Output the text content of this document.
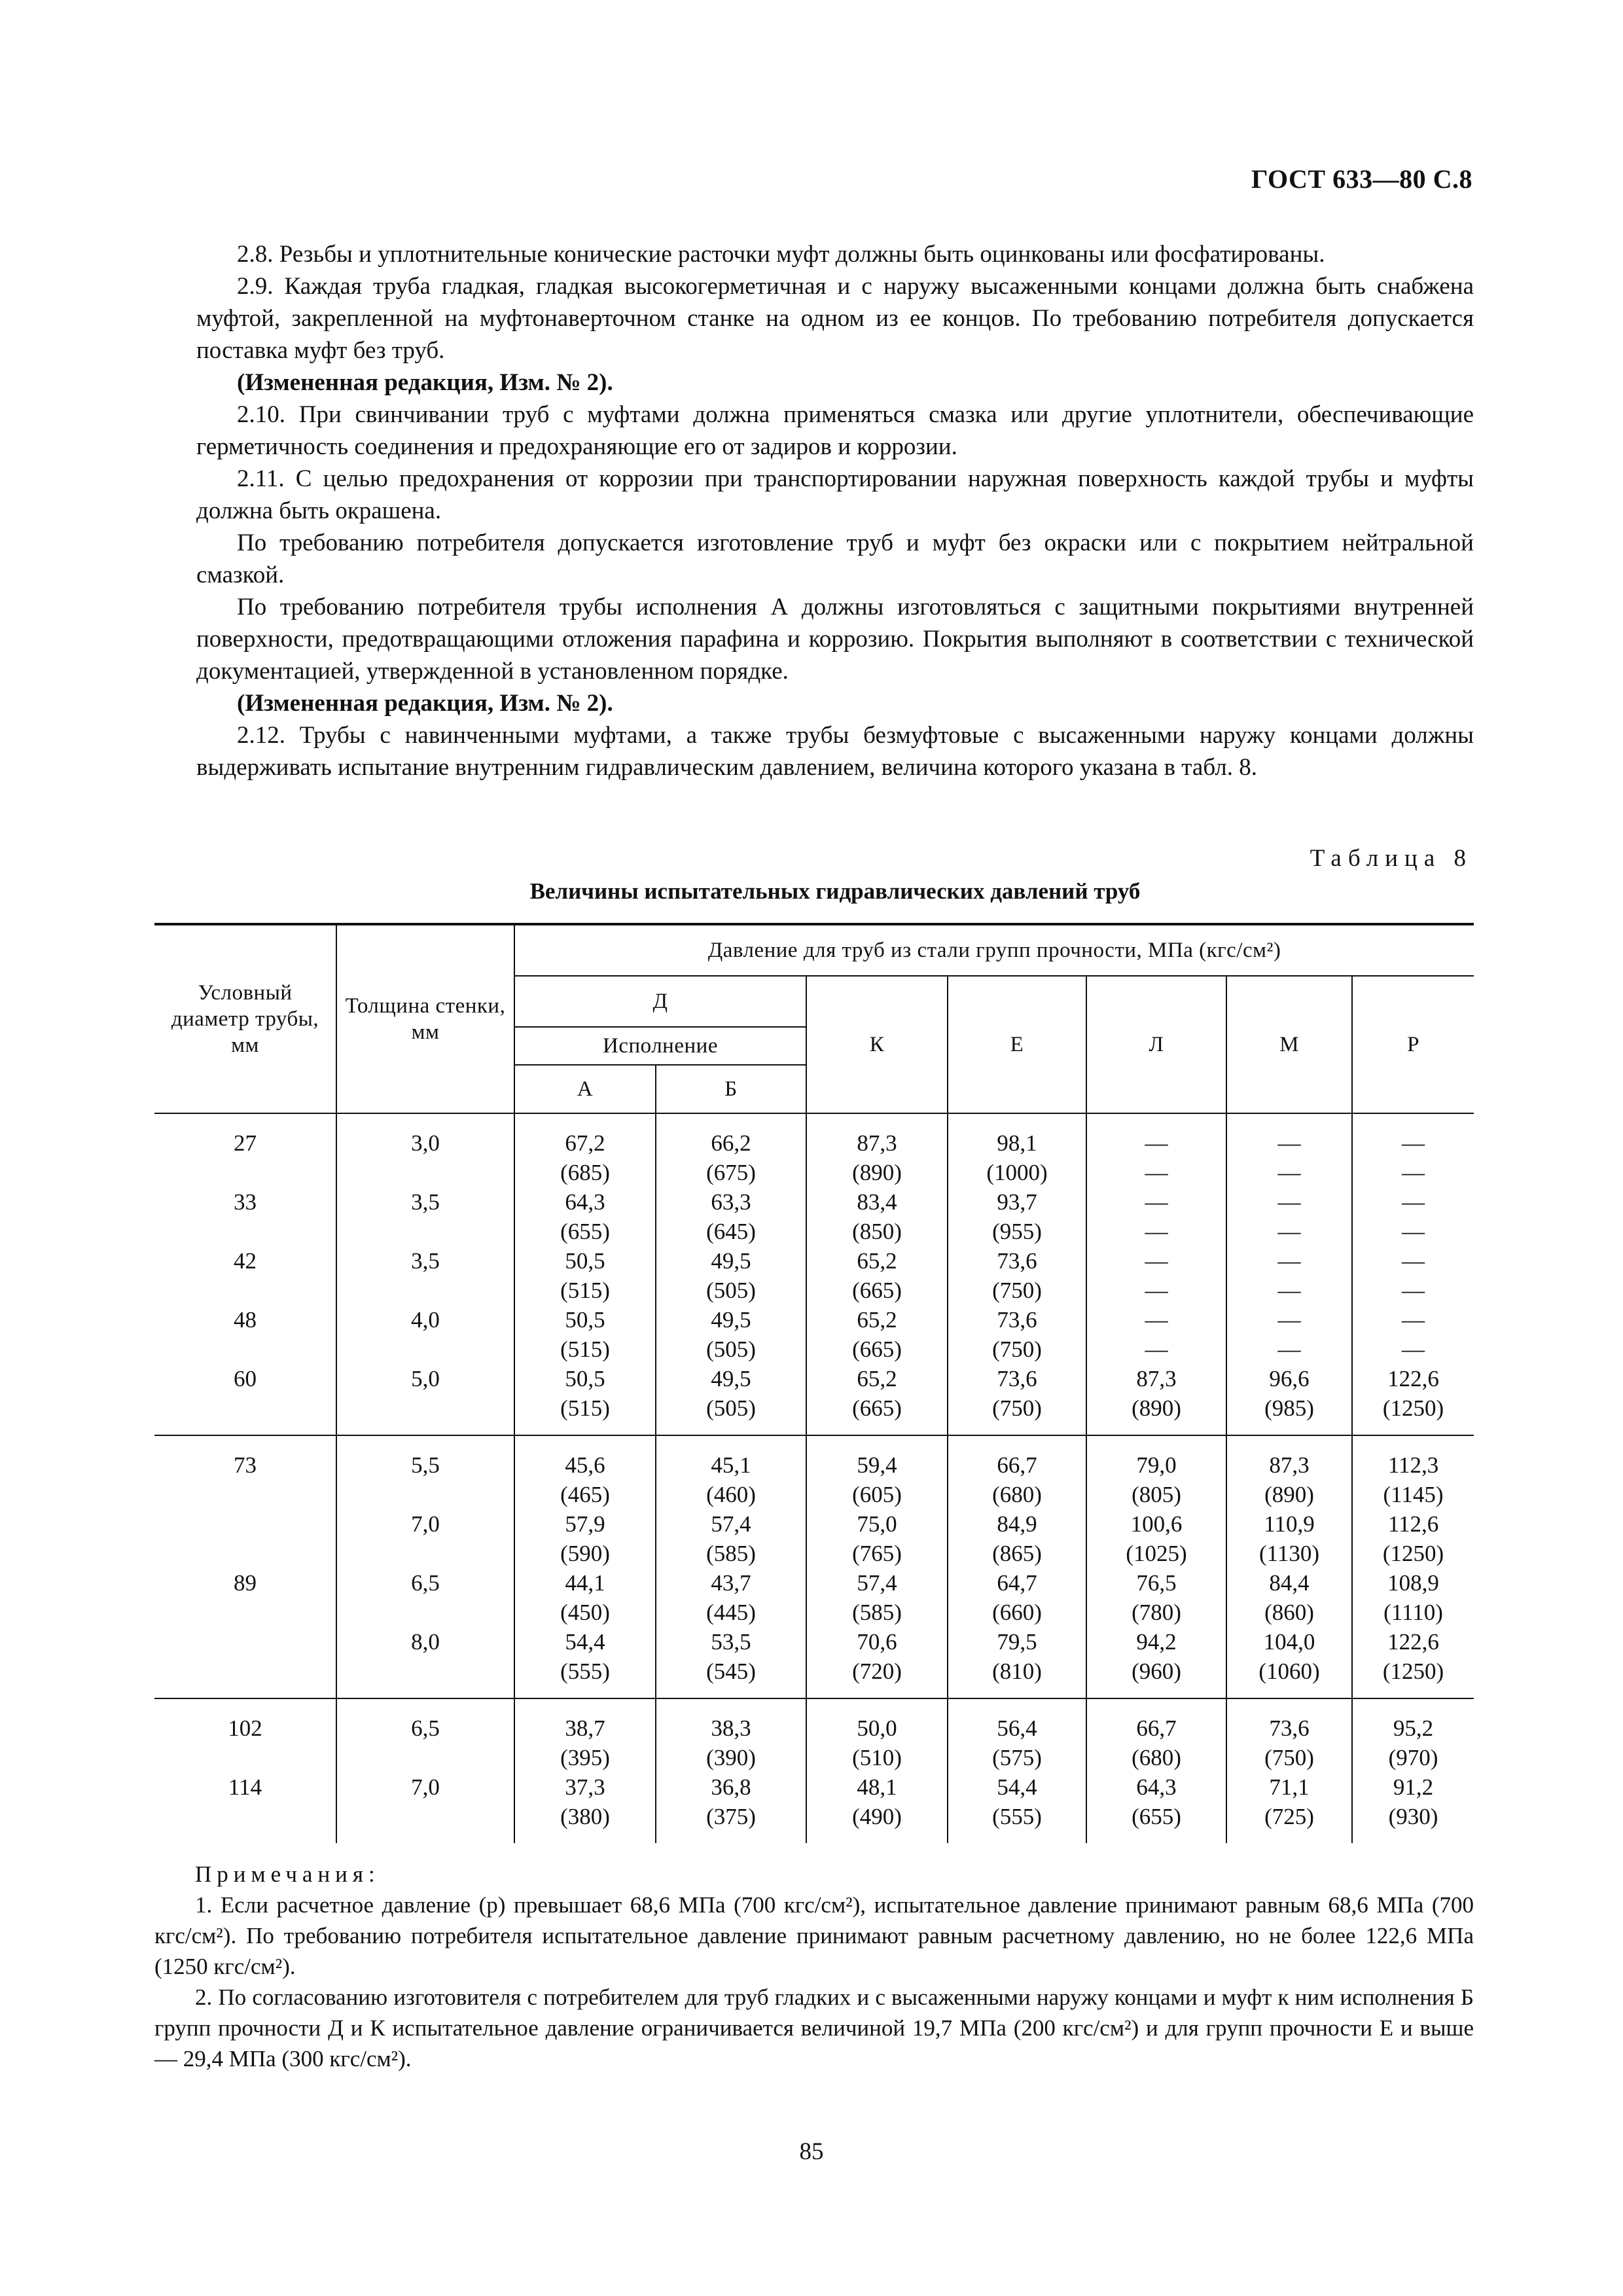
ГОСТ 633—80 С.8

2.8. Резьбы и уплотнительные конические расточки муфт должны быть оцинкованы или фосфатированы.

2.9. Каждая труба гладкая, гладкая высокогерметичная и с наружу высаженными концами должна быть снабжена муфтой, закрепленной на муфтонаверточном станке на одном из ее концов. По требованию потребителя допускается поставка муфт без труб.

(Измененная редакция, Изм. № 2).

2.10. При свинчивании труб с муфтами должна применяться смазка или другие уплотнители, обеспечивающие герметичность соединения и предохраняющие его от задиров и коррозии.

2.11. С целью предохранения от коррозии при транспортировании наружная поверхность каждой трубы и муфты должна быть окрашена.

По требованию потребителя допускается изготовление труб и муфт без окраски или с покрытием нейтральной смазкой.

По требованию потребителя трубы исполнения А должны изготовляться с защитными покрытиями внутренней поверхности, предотвращающими отложения парафина и коррозию. Покрытия выполняют в соответствии с технической документацией, утвержденной в установленном порядке.

(Измененная редакция, Изм. № 2).

2.12. Трубы с навинченными муфтами, а также трубы безмуфтовые с высаженными наружу концами должны выдерживать испытание внутренним гидравлическим давлением, величина которого указана в табл. 8.

Таблица 8
Величины испытательных гидравлических давлений труб
Условный диаметр трубы, мм	Толщина стенки, мм	Давление для труб из стали групп прочности, МПа (кгс/см²)						
		Д		К	Е	Л	М	Р
		Исполнение						
		А	Б					
27	3,0	67,2	66,2	87,3	98,1	—	—	—
		(685)	(675)	(890)	(1000)	—	—	—
33	3,5	64,3	63,3	83,4	93,7	—	—	—
		(655)	(645)	(850)	(955)	—	—	—
42	3,5	50,5	49,5	65,2	73,6	—	—	—
		(515)	(505)	(665)	(750)	—	—	—
48	4,0	50,5	49,5	65,2	73,6	—	—	—
		(515)	(505)	(665)	(750)	—	—	—
60	5,0	50,5	49,5	65,2	73,6	87,3	96,6	122,6
		(515)	(505)	(665)	(750)	(890)	(985)	(1250)
73	5,5	45,6	45,1	59,4	66,7	79,0	87,3	112,3
		(465)	(460)	(605)	(680)	(805)	(890)	(1145)
	7,0	57,9	57,4	75,0	84,9	100,6	110,9	112,6
		(590)	(585)	(765)	(865)	(1025)	(1130)	(1250)
89	6,5	44,1	43,7	57,4	64,7	76,5	84,4	108,9
		(450)	(445)	(585)	(660)	(780)	(860)	(1110)
	8,0	54,4	53,5	70,6	79,5	94,2	104,0	122,6
		(555)	(545)	(720)	(810)	(960)	(1060)	(1250)
102	6,5	38,7	38,3	50,0	56,4	66,7	73,6	95,2
		(395)	(390)	(510)	(575)	(680)	(750)	(970)
114	7,0	37,3	36,8	48,1	54,4	64,3	71,1	91,2
		(380)	(375)	(490)	(555)	(655)	(725)	(930)

Примечания:

1. Если расчетное давление (p) превышает 68,6 МПа (700 кгс/см²), испытательное давление принимают равным 68,6 МПа (700 кгс/см²). По требованию потребителя испытательное давление принимают равным расчетному давлению, но не более 122,6 МПа (1250 кгс/см²).

2. По согласованию изготовителя с потребителем для труб гладких и с высаженными наружу концами и муфт к ним исполнения Б групп прочности Д и К испытательное давление ограничивается величиной 19,7 МПа (200 кгс/см²) и для групп прочности Е и выше — 29,4 МПа (300 кгс/см²).

85
